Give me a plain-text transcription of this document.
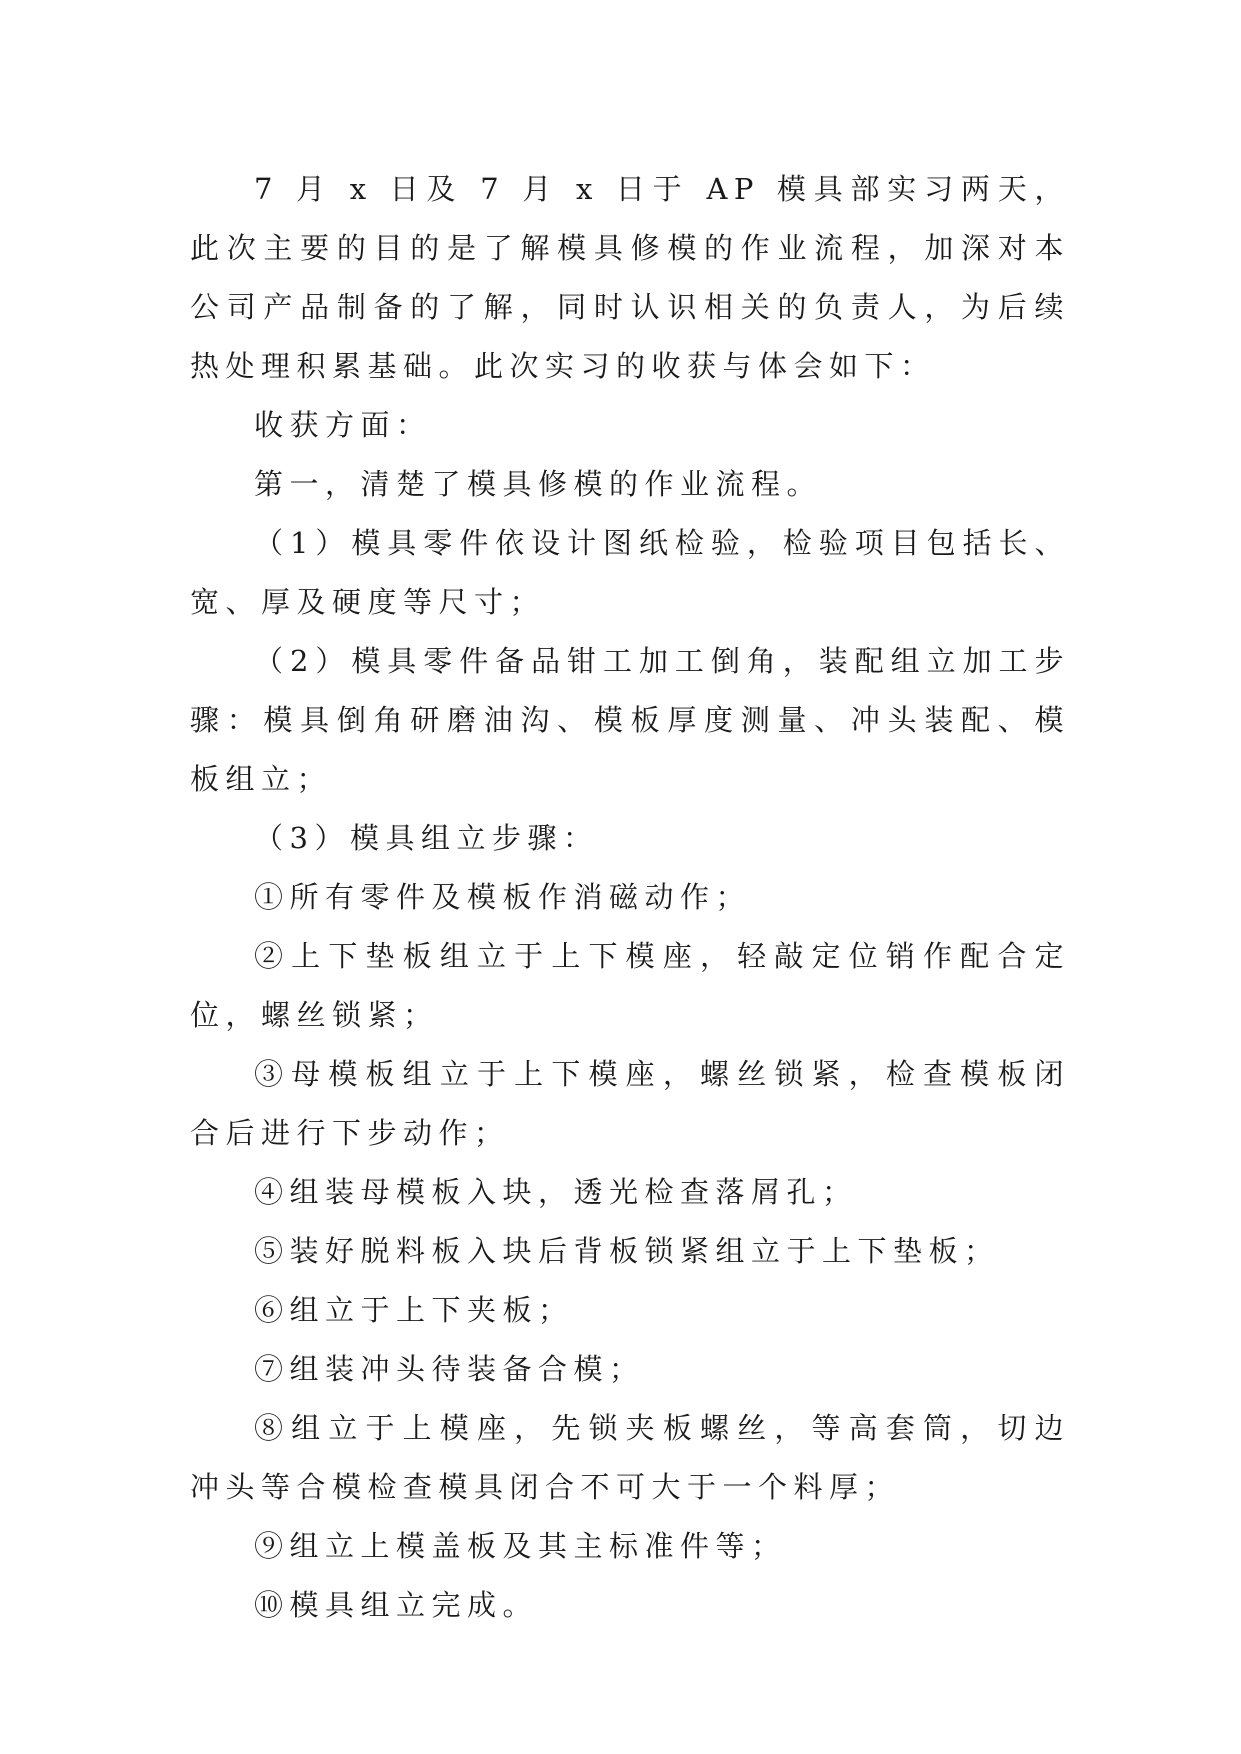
7 月 x 日及 7 月 x 日于 AP 模具部实习两天，此次主要的目的是了解模具修模的作业流程，加深对本公司产品制备的了解，同时认识相关的负责人，为后续热处理积累基础。此次实习的收获与体会如下：

收获方面：

第一，清楚了模具修模的作业流程。

（1）模具零件依设计图纸检验，检验项目包括长、宽、厚及硬度等尺寸；

（2）模具零件备品钳工加工倒角，装配组立加工步骤：模具倒角研磨油沟、模板厚度测量、冲头装配、模板组立；

（3）模具组立步骤：

①所有零件及模板作消磁动作；

②上下垫板组立于上下模座，轻敲定位销作配合定位，螺丝锁紧；

③母模板组立于上下模座，螺丝锁紧，检查模板闭合后进行下步动作；

④组装母模板入块，透光检查落屑孔；

⑤装好脱料板入块后背板锁紧组立于上下垫板；

⑥组立于上下夹板；

⑦组装冲头待装备合模；

⑧组立于上模座，先锁夹板螺丝，等高套筒，切边冲头等合模检查模具闭合不可大于一个料厚；

⑨组立上模盖板及其主标准件等；

⑩模具组立完成。
